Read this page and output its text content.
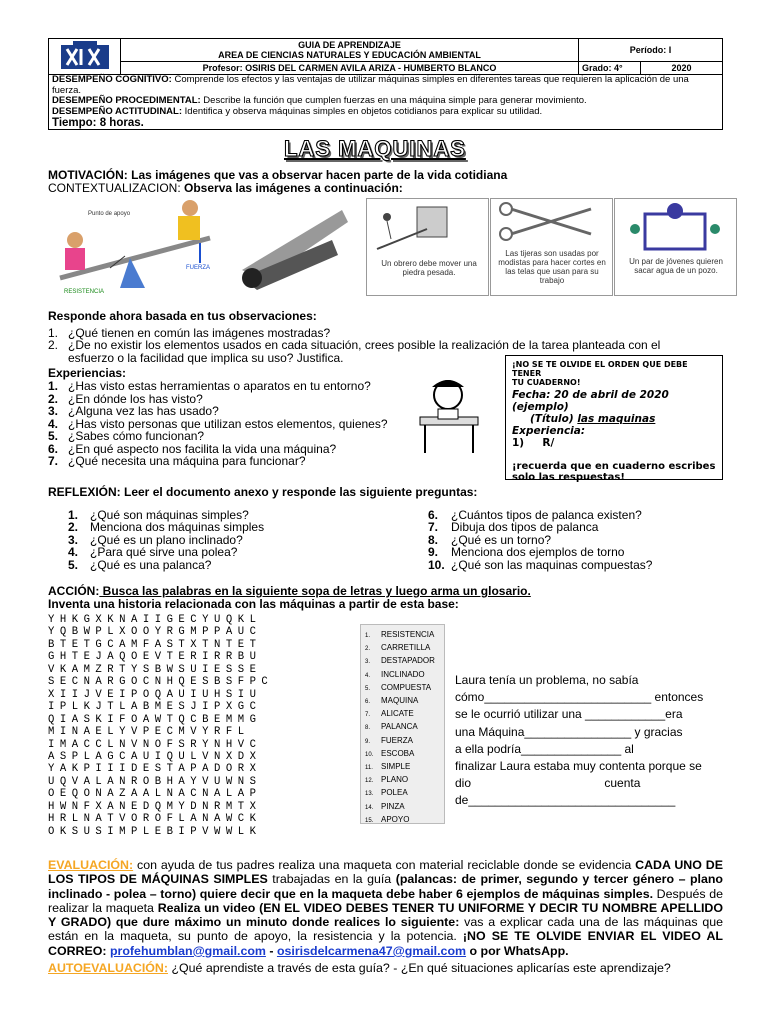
GUIA DE APRENDIZAJE
AREA DE CIENCIAS NATURALES Y EDUCACIÓN AMBIENTAL	Período: I	
	Profesor: OSIRIS DEL CARMEN AVILA ARIZA - HUMBERTO BLANCO	Grado: 4°	2020
DESEMPEÑO COGNITIVO: Comprende los efectos y las ventajas de utilizar máquinas simples en diferentes tareas que requieren la aplicación de una fuerza.
DESEMPEÑO PROCEDIMENTAL: Describe la función que cumplen fuerzas en una máquina simple para generar movimiento.
DESEMPEÑO ACTITUDINAL: Identifica y observa máquinas simples en objetos cotidianos para explicar su utilidad.
Tiempo: 8 horas.
LAS MAQUINAS
MOTIVACIÓN: Las imágenes que vas a observar hacen parte de la vida cotidiana
CONTEXTUALIZACION: Observa las imágenes a continuación:
Punto de apoyo
FUERZA
RESISTENCIA
Un obrero debe mover una piedra pesada.
Las tijeras son usadas por modistas para hacer cortes en las telas que usan para su trabajo
Un par de jóvenes quieren sacar agua de un pozo.
Responde ahora basada en tus observaciones:
1. ¿Qué tienen en común las imágenes mostradas?
2. ¿De no existir los elementos usados en cada situación, crees posible la realización de la tarea planteada con el
esfuerzo o la facilidad que implica su uso? Justifica.
Experiencias:
1. ¿Has visto estas herramientas o aparatos en tu entorno?
2. ¿En dónde los has visto?
3. ¿Alguna vez las has usado?
4. ¿Has visto personas que utilizan estos elementos, quienes?
5. ¿Sabes cómo funcionan?
6. ¿En qué aspecto nos facilita la vida una máquina?
7. ¿Qué necesita una máquina para funcionar?
¡NO SE TE OLVIDE EL ORDEN QUE DEBE TENER
TU CUADERNO!
Fecha: 20 de abril de 2020 (ejemplo)
(Título) las maquinas
Experiencia:
1)     R/
¡recuerda que en cuaderno escribes
solo las respuestas!
REFLEXIÓN: Leer el documento anexo y responde las siguiente preguntas:
1. ¿Qué son máquinas simples?
2. Menciona dos máquinas simples
3. ¿Qué es un plano inclinado?
4. ¿Para qué sirve una polea?
5. ¿Qué es una palanca?
6. ¿Cuántos tipos de palanca existen?
7. Dibuja dos tipos de palanca
8. ¿Qué es un torno?
9. Menciona dos ejemplos de torno
10. ¿Qué son las maquinas compuestas?
ACCIÓN: Busca las palabras en la siguiente sopa de letras y luego arma un glosario.
Inventa una historia relacionada con las máquinas a partir de esta base:
YHKGXKNAIIGECYUQKL
YQBWPLXOOYRGMPPAUC
BTETGCAMFASTXTNTET
GHTEJAQOEVTERIRRBU
VKAMZRTYSBWSUIESSE
SECNARGOCNHQESBSFPC
XIIJVEIPOQAUIUHSIU
IPLKJTLABMESJIPXGC
QIASKIFOAWTQCBEMMG
MINAELYVPECMVYRFL
IMACCLNVNOFSRYNHVC
ASPLAGCAUIQULVNXDX
YAKPIIIDESTAPADORX
UQVALANROBHAYVUWNS
OEQONAZAALNACNALAP
HWNFXANEDQMYDNRMTX
HRLNATVOROFLANAWCK
OKSUSIMPLEBIPVWWLK
1. RESISTENCIA
2. CARRETILLA
3. DESTAPADOR
4. INCLINADO
5. COMPUESTA
6. MAQUINA
7. ALICATE
8. PALANCA
9. FUERZA
10. ESCOBA
11. SIMPLE
12. PLANO
13. POLEA
14. PINZA
15. APOYO
Laura tenía un problema, no sabía
cómo_________________________ entonces
se le ocurrió utilizar una ____________era
una Máquina________________ y gracias
a ella podría_______________ al
finalizar Laura estaba muy contenta porque se
dio                                        cuenta
de_______________________________
EVALUACIÓN: con ayuda de tus padres realiza una maqueta con material reciclable donde se evidencia CADA UNO DE LOS TIPOS DE MÁQUINAS SIMPLES trabajadas en la guía (palancas: de primer, segundo y tercer género – plano inclinado - polea – torno) quiere decir que en la maqueta debe haber 6 ejemplos de máquinas simples. Después de realizar la maqueta Realiza un video (EN EL VIDEO DEBES TENER TU UNIFORME Y DECIR TU NOMBRE APELLIDO Y GRADO) que dure máximo un minuto donde realices lo siguiente: vas a explicar cada una de las máquinas que están en la maqueta, su punto de apoyo, la resistencia y la potencia. ¡NO SE TE OLVIDE ENVIAR EL VIDEO AL CORREO: profehumblan@gmail.com - osirisdelcarmena47@gmail.com o por WhatsApp.
AUTOEVALUACIÓN: ¿Qué aprendiste a través de esta guía? - ¿En qué situaciones aplicarías este aprendizaje?
